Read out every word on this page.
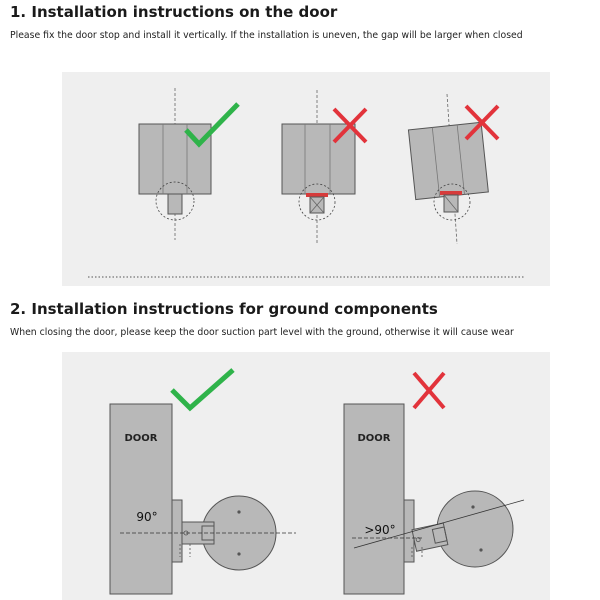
1. Installation instructions on the door
Please fix the door stop and install it vertically. If the installation is uneven, the gap will be larger when closed
2. Installation instructions for ground components
When closing the door, please keep the door suction part level with the ground, otherwise it will cause wear
90°
DOOR
>90°
DOOR
